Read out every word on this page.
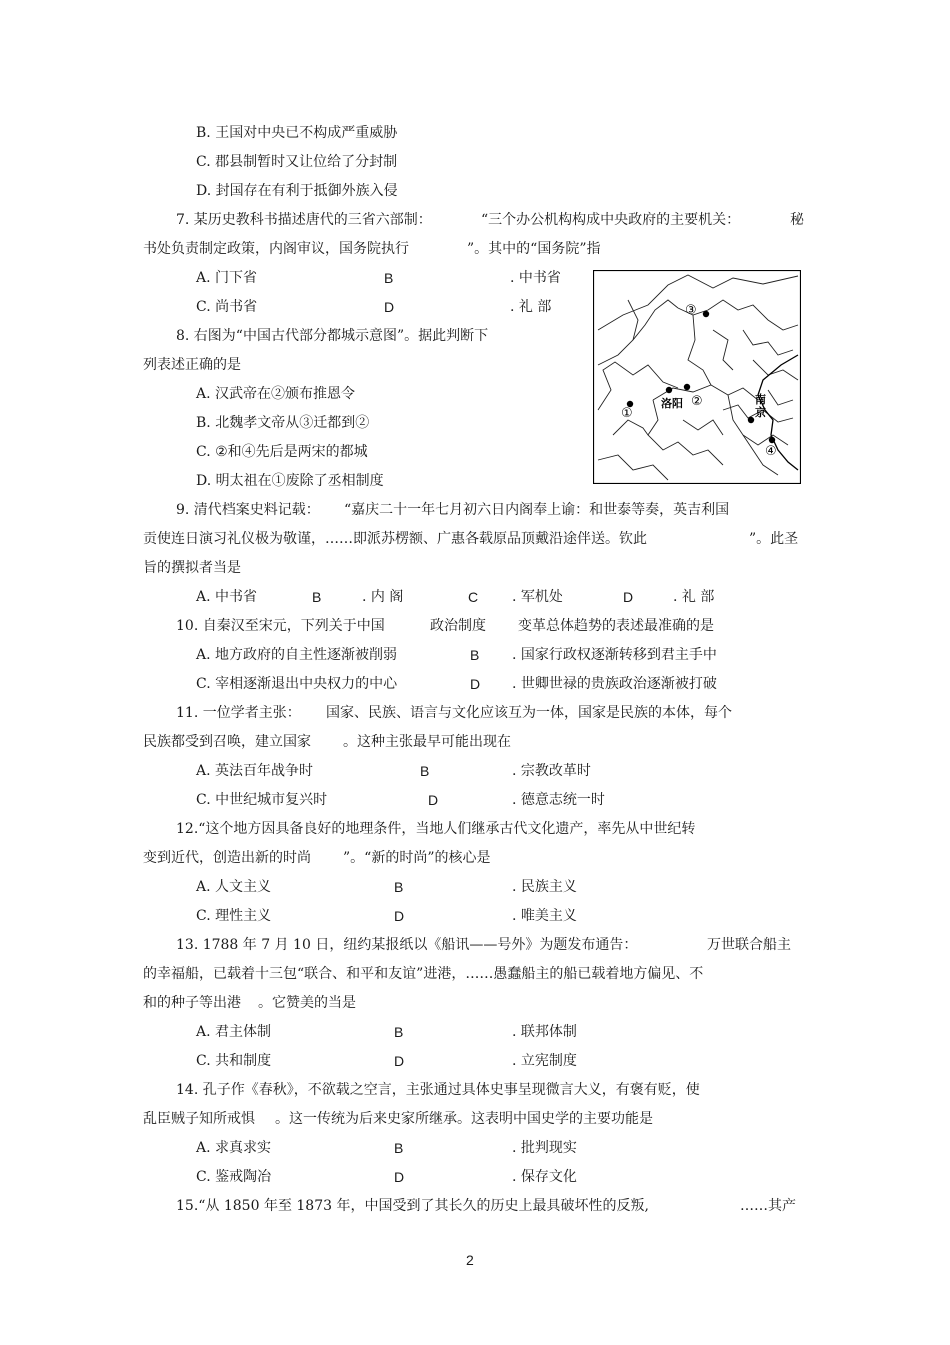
B. 王国对中央已不构成严重威胁
C. 郡县制暂时又让位给了分封制
D. 封国存在有利于抵御外族入侵
7. 某历史教科书描述唐代的三省六部制：	“三个办公机构构成中央政府的主要机关：	秘
书处负责制定政策，内阁审议，国务院执行	”。其中的“国务院”指
A. 门下省	B	. 中书省
C. 尚书省	D	. 礼 部
8. 右图为“中国古代部分都城示意图”。据此判断下
列表述正确的是
A. 汉武帝在②颁布推恩令
B. 北魏孝文帝从③迁都到②
C. ②和④先后是两宋的都城
D. 明太祖在①废除了丞相制度
③
①
洛阳 ②	南
京
④
9. 清代档案史料记载： “嘉庆二十一年七月初六日内阁奉上谕：和世泰等奏，英吉利国
贡使连日演习礼仪极为敬谨，……即派苏楞额、广惠各载原品顶戴沿途伴送。钦此	”。此圣
旨的撰拟者当是
A. 中书省	B	. 内 阁	C . 军机处	D	. 礼 部
10. 自秦汉至宋元，下列关于中国	政治制度 变革总体趋势的表述最准确的是
A. 地方政府的自主性逐渐被削弱	B . 国家行政权逐渐转移到君主手中
C. 宰相逐渐退出中央权力的中心	D . 世卿世禄的贵族政治逐渐被打破
11. 一位学者主张： 国家、民族、语言与文化应该互为一体，国家是民族的本体，每个
民族都受到召唤，建立国家 。这种主张最早可能出现在
A. 英法百年战争时	B	. 宗教改革时
C. 中世纪城市复兴时	D	. 德意志统一时
12.“这个地方因具备良好的地理条件，当地人们继承古代文化遗产，率先从中世纪转
变到近代，创造出新的时尚 ”。“新的时尚”的核心是
A. 人文主义	B	. 民族主义
C. 理性主义	D	. 唯美主义
13. 1788 年 7 月 10 日，纽约某报纸以《船讯——号外》为题发布通告：	万世联合船主
的幸福船，已载着十三包“联合、和平和友谊”进港，……愚蠢船主的船已载着地方偏见、不
和的种子等出港 。它赞美的当是
A. 君主体制	B	. 联邦体制
C. 共和制度	D	. 立宪制度
14. 孔子作《春秋》，不欲载之空言，主张通过具体史事呈现微言大义，有褒有贬，使
乱臣贼子知所戒惧 。这一传统为后来史家所继承。这表明中国史学的主要功能是
A. 求真求实	B	. 批判现实
C. 鉴戒陶冶	D	. 保存文化
15.“从 1850 年至 1873 年，中国受到了其长久的历史上最具破坏性的反叛,	……其产
2
